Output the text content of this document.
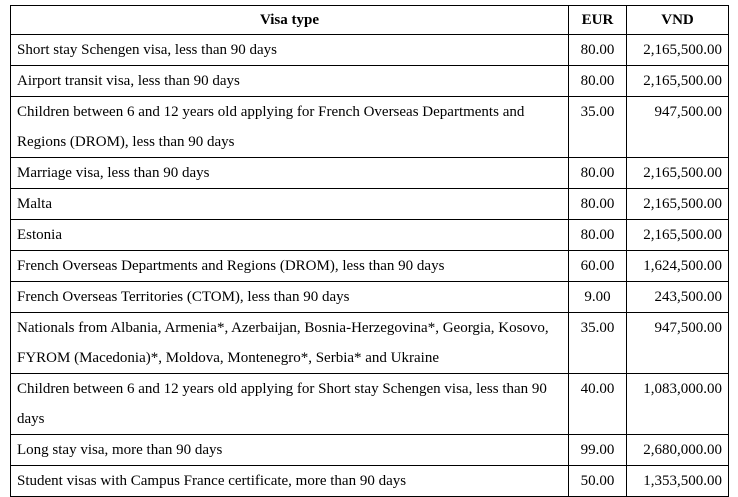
Visa type	EUR	VND
Short stay Schengen visa, less than 90 days	80.00	2,165,500.00
Airport transit visa, less than 90 days	80.00	2,165,500.00
Children between 6 and 12 years old applying for French Overseas Departments and Regions (DROM), less than 90 days	35.00	947,500.00
Marriage visa, less than 90 days	80.00	2,165,500.00
Malta	80.00	2,165,500.00
Estonia	80.00	2,165,500.00
French Overseas Departments and Regions (DROM), less than 90 days	60.00	1,624,500.00
French Overseas Territories (CTOM), less than 90 days	9.00	243,500.00
Nationals from Albania, Armenia*, Azerbaijan, Bosnia-Herzegovina*, Georgia, Kosovo, FYROM (Macedonia)*, Moldova, Montenegro*, Serbia* and Ukraine	35.00	947,500.00
Children between 6 and 12 years old applying for Short stay Schengen visa, less than 90 days	40.00	1,083,000.00
Long stay visa, more than 90 days	99.00	2,680,000.00
Student visas with Campus France certificate, more than 90 days	50.00	1,353,500.00
